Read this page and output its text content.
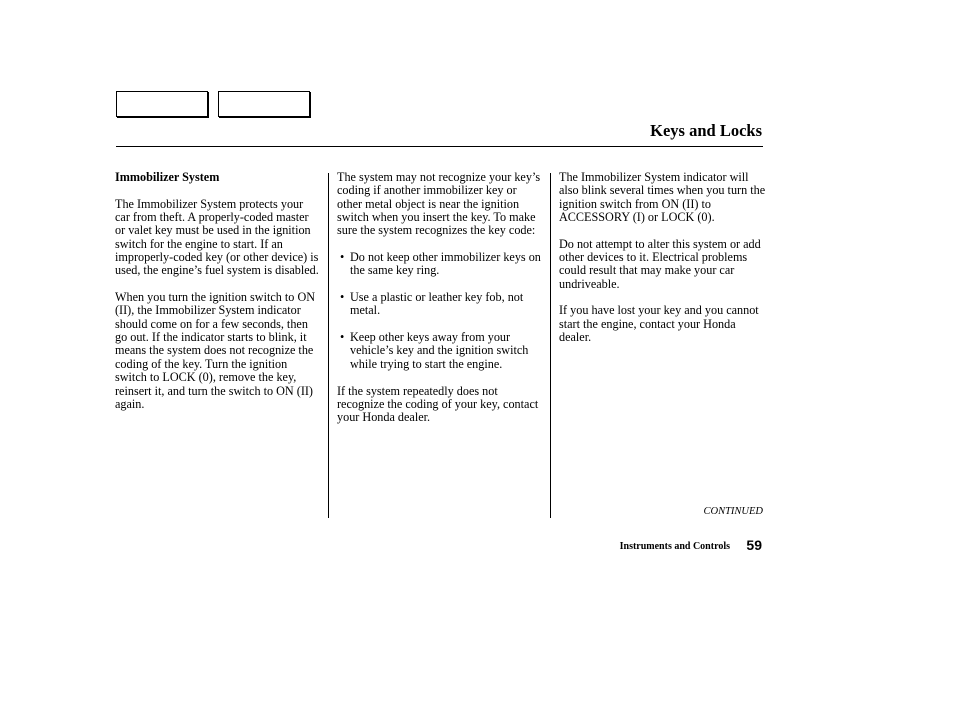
Keys and Locks

Immobilizer System

The Immobilizer System protects your car from theft. A properly-coded master or valet key must be used in the ignition switch for the engine to start. If an improperly-coded key (or other device) is used, the engine’s fuel system is disabled.

When you turn the ignition switch to ON (II), the Immobilizer System indicator should come on for a few seconds, then go out. If the indicator starts to blink, it means the system does not recognize the coding of the key. Turn the ignition switch to LOCK (0), remove the key, reinsert it, and turn the switch to ON (II) again.

The system may not recognize your key’s coding if another immobilizer key or other metal object is near the ignition switch when you insert the key. To make sure the system recognizes the key code:

• Do not keep other immobilizer keys on the same key ring.
• Use a plastic or leather key fob, not metal.
• Keep other keys away from your vehicle’s key and the ignition switch while trying to start the engine.

If the system repeatedly does not recognize the coding of your key, contact your Honda dealer.

The Immobilizer System indicator will also blink several times when you turn the ignition switch from ON (II) to ACCESSORY (I) or LOCK (0).

Do not attempt to alter this system or add other devices to it. Electrical problems could result that may make your car undriveable.

If you have lost your key and you cannot start the engine, contact your Honda dealer.

CONTINUED
Instruments and Controls 59
